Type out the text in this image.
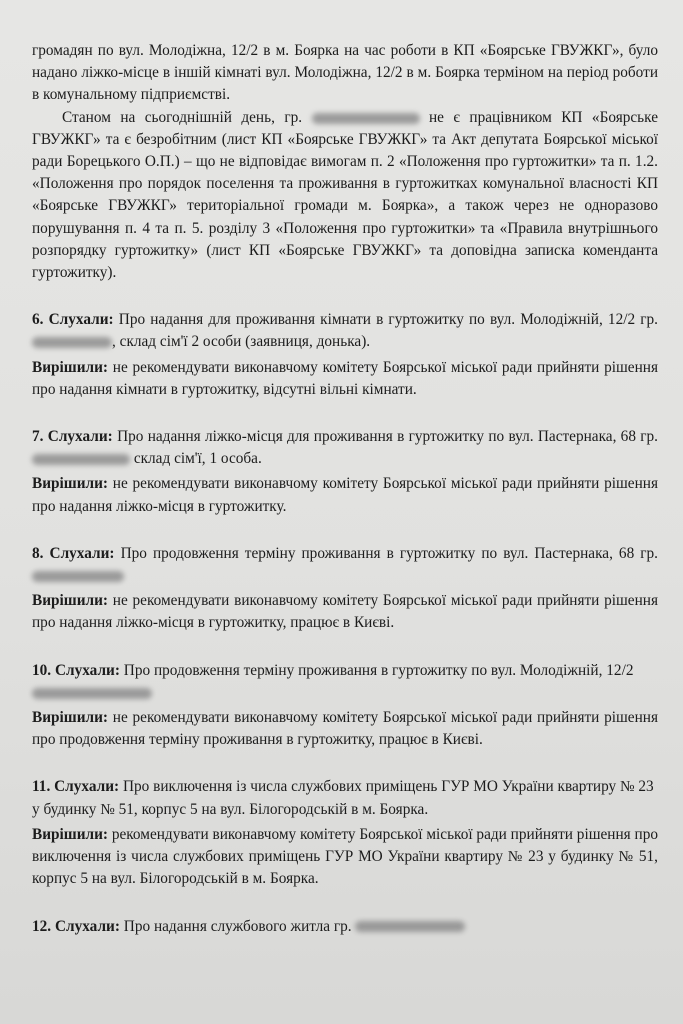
громадян по вул. Молодіжна, 12/2 в м. Боярка на час роботи в КП «Боярське ГВУЖКГ», було надано ліжко-місце в іншій кімнаті вул. Молодіжна, 12/2 в м. Боярка терміном на період роботи в комунальному підприємстві.

Станом на сьогоднішній день, гр.	не є працівником КП «Боярське ГВУЖКГ» та є безробітним (лист КП «Боярське ГВУЖКГ» та Акт депутата Боярської міської ради Борецького О.П.) – що не відповідає вимогам п. 2 «Положення про гуртожитки» та п. 1.2. «Положення про порядок поселення та проживання в гуртожитках комунальної власності КП «Боярське ГВУЖКГ» територіальної громади м. Боярка», а також через не одноразово порушування п. 4 та п. 5. розділу 3 «Положення про гуртожитки» та «Правила внутрішнього розпорядку гуртожитку» (лист КП «Боярське ГВУЖКГ» та доповідна записка коменданта гуртожитку).

6. Слухали: Про надання для проживання кімнати в гуртожитку по вул. Молодіжній, 12/2 гр. , склад сім'ї 2 особи (заявниця, донька).

Вирішили: не рекомендувати виконавчому комітету Боярської міської ради прийняти рішення про надання кімнати в гуртожитку, відсутні вільні кімнати.

7. Слухали: Про надання ліжко-місця для проживання в гуртожитку по вул. Пастернака, 68 гр.  склад сім'ї, 1 особа.

Вирішили: не рекомендувати виконавчому комітету Боярської міської ради прийняти рішення про надання ліжко-місця в гуртожитку.

8. Слухали: Про продовження терміну проживання в гуртожитку по вул. Пастернака, 68 гр.

Вирішили: не рекомендувати виконавчому комітету Боярської міської ради прийняти рішення про надання ліжко-місця в гуртожитку, працює в Києві.

10. Слухали: Про продовження терміну проживання в гуртожитку по вул. Молодіжній, 12/2

Вирішили: не рекомендувати виконавчому комітету Боярської міської ради прийняти рішення про продовження терміну проживання в гуртожитку, працює в Києві.

11. Слухали: Про виключення із числа службових приміщень ГУР МО України квартиру № 23 у будинку № 51, корпус 5 на вул. Білогородській в м. Боярка.

Вирішили: рекомендувати виконавчому комітету Боярської міської ради прийняти рішення про виключення із числа службових приміщень ГУР МО України квартиру № 23 у будинку № 51, корпус 5 на вул. Білогородській в м. Боярка.

12. Слухали: Про надання службового житла гр.
